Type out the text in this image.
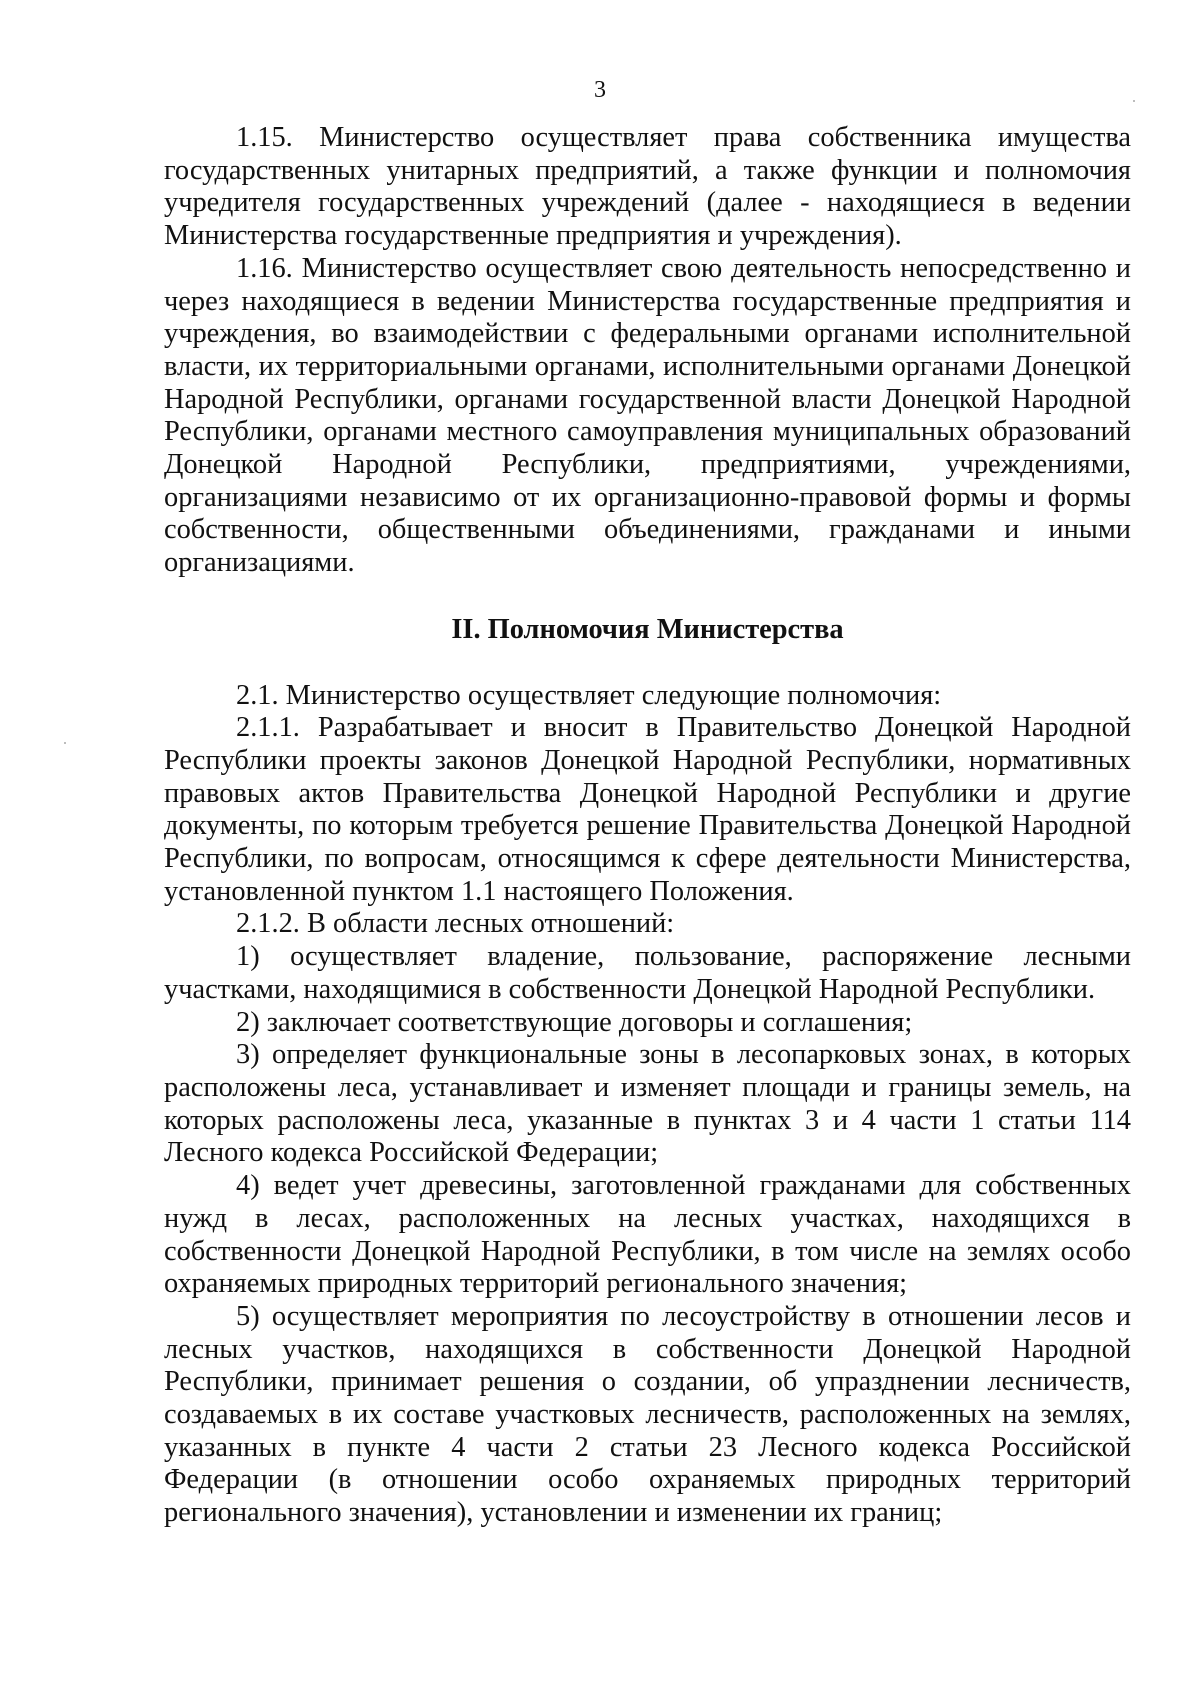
3

1.15. Министерство осуществляет права собственника имущества государственных унитарных предприятий, а также функции и полномочия учредителя государственных учреждений (далее - находящиеся в ведении Министерства государственные предприятия и учреждения).

1.16. Министерство осуществляет свою деятельность непосредственно и через находящиеся в ведении Министерства государственные предприятия и учреждения, во взаимодействии с федеральными органами исполнительной власти, их территориальными органами, исполнительными органами Донецкой Народной Республики, органами государственной власти Донецкой Народной Республики, органами местного самоуправления муниципальных образований Донецкой Народной Республики, предприятиями, учреждениями, организациями независимо от их организационно-правовой формы и формы собственности, общественными объединениями, гражданами и иными организациями.

II. Полномочия Министерства

2.1. Министерство осуществляет следующие полномочия:

2.1.1. Разрабатывает и вносит в Правительство Донецкой Народной Республики проекты законов Донецкой Народной Республики, нормативных правовых актов Правительства Донецкой Народной Республики и другие документы, по которым требуется решение Правительства Донецкой Народной Республики, по вопросам, относящимся к сфере деятельности Министерства, установленной пунктом 1.1 настоящего Положения.

2.1.2. В области лесных отношений:

1) осуществляет владение, пользование, распоряжение лесными участками, находящимися в собственности Донецкой Народной Республики.

2) заключает соответствующие договоры и соглашения;

3) определяет функциональные зоны в лесопарковых зонах, в которых расположены леса, устанавливает и изменяет площади и границы земель, на которых расположены леса, указанные в пунктах 3 и 4 части 1 статьи 114 Лесного кодекса Российской Федерации;

4) ведет учет древесины, заготовленной гражданами для собственных нужд в лесах, расположенных на лесных участках, находящихся в собственности Донецкой Народной Республики, в том числе на землях особо охраняемых природных территорий регионального значения;

5) осуществляет мероприятия по лесоустройству в отношении лесов и лесных участков, находящихся в собственности Донецкой Народной Республики, принимает решения о создании, об упразднении лесничеств, создаваемых в их составе участковых лесничеств, расположенных на землях, указанных в пункте 4 части 2 статьи 23 Лесного кодекса Российской Федерации (в отношении особо охраняемых природных территорий регионального значения), установлении и изменении их границ;
